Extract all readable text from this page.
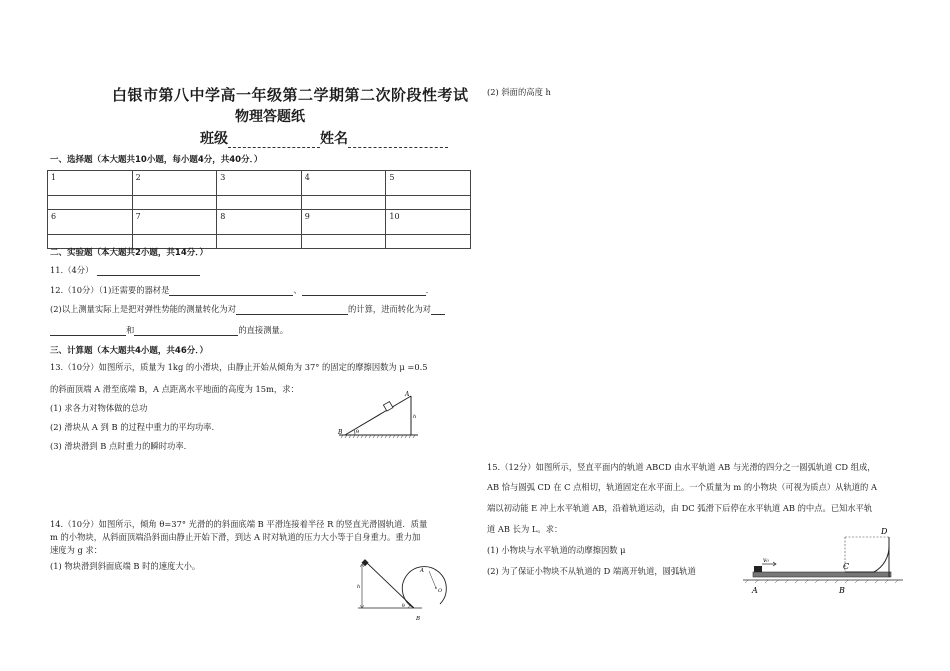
白银市第八中学高一年级第二学期第二次阶段性考试
物理答题纸
班级	姓名
一、选择题（本大题共10小题，每小题4分，共40分．）
1	2	3	4	5

6	7	8	9	10

二、实验题（本大题共2小题，共14分．）
11.（4分）
12.（10分）（1)还需要的器材是	、	．
(2)以上测量实际上是把对弹性势能的测量转化为对	的计算，进而转化为对
和	的直接测量。
三、计算题（本大题共4小题，共46分．）
13.（10分）如图所示，质量为 1kg 的小滑块，由静止开始从倾角为 37° 的固定的摩擦因数为 μ =0.5
的斜面顶端 A 滑至底端 B，A 点距离水平地面的高度为 15m，求：
(1) 求各力对物体做的总功
(2) 滑块从 A 到 B 的过程中重力的平均功率.
(3) 滑块滑到 B 点时重力的瞬时功率.
A
B
h
θ
14.（10分）如图所示，倾角 θ=37° 光滑的的斜面底端 B 平滑连接着半径 R 的竖直光滑圆轨道．质量
m 的小物块，从斜面顶端沿斜面由静止开始下滑，到达 A 时对轨道的压力大小等于自身重力。重力加
速度为 g 求：
(1) 物块滑到斜面底端 B 时的速度大小。
(2) 斜面的高度 h
A
h
B
O
θ
15.（12分）如图所示，竖直平面内的轨道 ABCD 由水平轨道 AB 与光滑的四分之一圆弧轨道 CD 组成，
AB 恰与圆弧 CD 在 C 点相切，轨道固定在水平面上。一个质量为 m 的小物块（可视为质点）从轨道的 A
端以初动能 E 冲上水平轨道 AB，沿着轨道运动，由 DC 弧滑下后停在水平轨道 AB 的中点。已知水平轨
道 AB 长为 L。求：
(1) 小物块与水平轨道的动摩擦因数 μ
(2) 为了保证小物块不从轨道的 D 端离开轨道，圆弧轨道
v₀
A	B
C
D
